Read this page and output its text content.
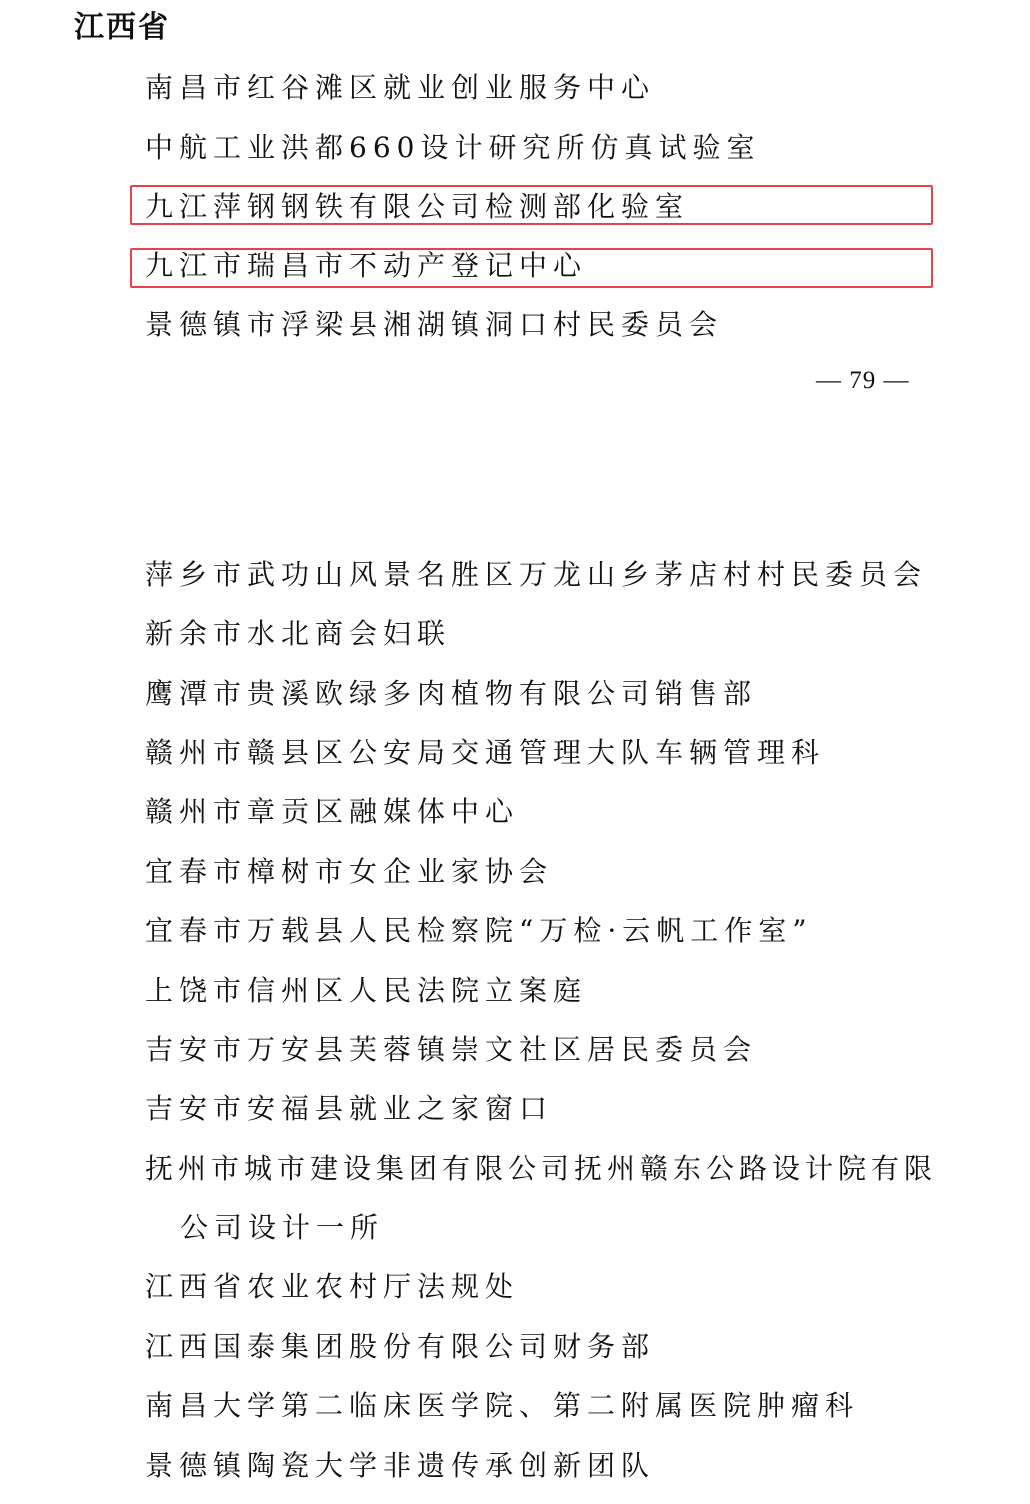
江西省
南昌市红谷滩区就业创业服务中心
中航工业洪都660设计研究所仿真试验室
九江萍钢钢铁有限公司检测部化验室
九江市瑞昌市不动产登记中心
景德镇市浮梁县湘湖镇洞口村民委员会
— 79 —
萍乡市武功山风景名胜区万龙山乡茅店村村民委员会
新余市水北商会妇联
鹰潭市贵溪欧绿多肉植物有限公司销售部
赣州市赣县区公安局交通管理大队车辆管理科
赣州市章贡区融媒体中心
宜春市樟树市女企业家协会
宜春市万载县人民检察院“万检·云帆工作室”
上饶市信州区人民法院立案庭
吉安市万安县芙蓉镇崇文社区居民委员会
吉安市安福县就业之家窗口
抚州市城市建设集团有限公司抚州赣东公路设计院有限
公司设计一所
江西省农业农村厅法规处
江西国泰集团股份有限公司财务部
南昌大学第二临床医学院、第二附属医院肿瘤科
景德镇陶瓷大学非遗传承创新团队
